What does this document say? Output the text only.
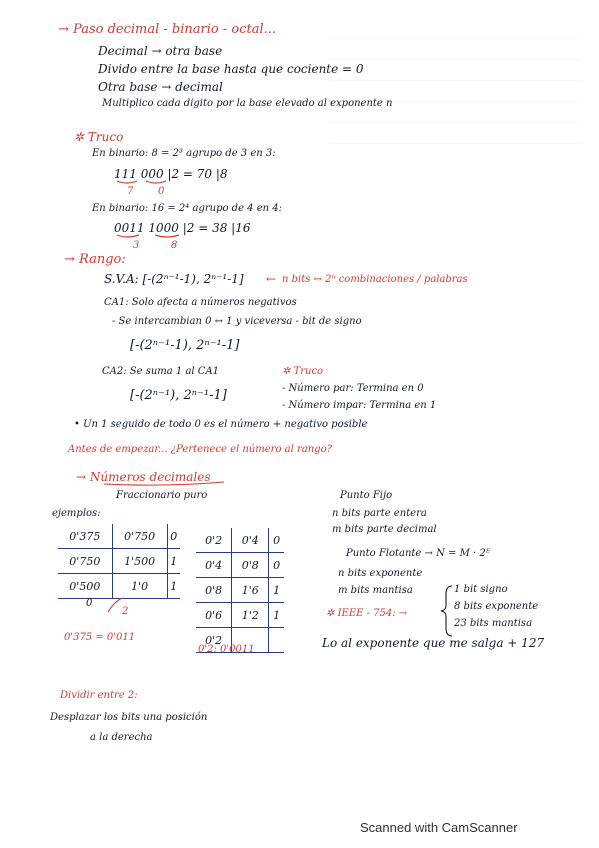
→ Paso decimal - binario - octal...
Decimal → otra base
Divido entre la base hasta que cociente = 0
Otra base → decimal
Multiplico cada digito por la base elevado al exponente n
✲ Truco
En binario: 8 = 2³ agrupo de 3 en 3:
111 000 |2 = 70 |8
7 0
En binario: 16 = 2⁴ agrupo de 4 en 4:
0011 1000 |2 = 38 |16
3	8
→ Rango:
S.V.A: [-(2ⁿ⁻¹-1), 2ⁿ⁻¹-1] ← n bits ↔ 2ⁿ combinaciones / palabras
CA1: Solo afecta a números negativos
- Se intercambian 0 ↔ 1 y viceversa - bit de signo
[-(2ⁿ⁻¹-1), 2ⁿ⁻¹-1]
CA2: Se suma 1 al CA1
[-(2ⁿ⁻¹), 2ⁿ⁻¹-1]
✲ Truco
- Número par: Termina en 0
- Número impar: Termina en 1
• Un 1 seguido de todo 0 es el número + negativo posible
Antes de empezar... ¿Pertenece el número al rango?
→ Números decimales
Fraccionario puro
ejemplos:
0'375	0'750	0
0'750	1'500	1
0'500	1'0	1
0
2
0'375 = 0'011
0'2	0'4	0
0'4	0'8	0
0'8	1'6	1
0'6	1'2	1
0'2		
0'2: 0'0011
Punto Fijo
n bits parte entera
m bits parte decimal
Punto Flotante → N = M · 2ᴱ
n bits exponente
m bits mantisa
✲ IEEE - 754: →
1 bit signo
8 bits exponente
23 bits mantisa
Lo al exponente que me salga + 127
Dividir entre 2:
Desplazar los bits una posición
a la derecha
Scanned with CamScanner
